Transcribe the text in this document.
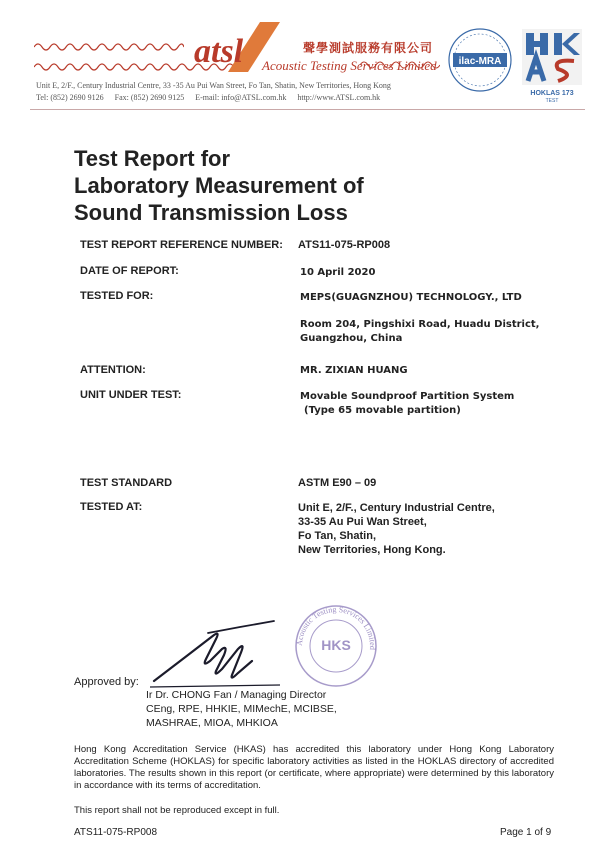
atsl	聲學測試服務有限公司
Acoustic Testing Services Limited
Unit E, 2/F., Century Industrial Centre, 33 -35 Au Pui Wan Street, Fo Tan, Shatin, New Territories, Hong Kong
Tel: (852) 2690 9126 Fax: (852) 2690 9125 E-mail: info@ATSL.com.hk http://www.ATSL.com.hk
ilac-MRA
HOKLAS 173
TEST
Test Report for
Laboratory Measurement of
Sound Transmission Loss
TEST REPORT REFERENCE NUMBER: ATS11-075-RP008
DATE OF REPORT:	10 April 2020
TESTED FOR:	MEPS(GUAGNZHOU) TECHNOLOGY., LTD
Room 204, Pingshixi Road, Huadu District,
Guangzhou, China
ATTENTION:	MR. ZIXIAN HUANG
UNIT UNDER TEST:	Movable Soundproof Partition System
(Type 65 movable partition)
TEST STANDARD	ASTM E90 – 09
TESTED AT:	Unit E, 2/F., Century Industrial Centre,
33-35 Au Pui Wan Street,
Fo Tan, Shatin,
New Territories, Hong Kong.
Acoustic Testing Services Limited
HKS
Approved by:
Ir Dr. CHONG Fan / Managing Director
CEng, RPE, HHKIE, MIMechE, MCIBSE,
MASHRAE, MIOA, MHKIOA
Hong Kong Accreditation Service (HKAS) has accredited this laboratory under Hong Kong Laboratory Accreditation Scheme (HOKLAS) for specific laboratory activities as listed in the HOKLAS directory of accredited laboratories. The results shown in this report (or certificate, where appropriate) were determined by this laboratory in accordance with its terms of accreditation.
This report shall not be reproduced except in full.
ATS11-075-RP008	Page 1 of 9
